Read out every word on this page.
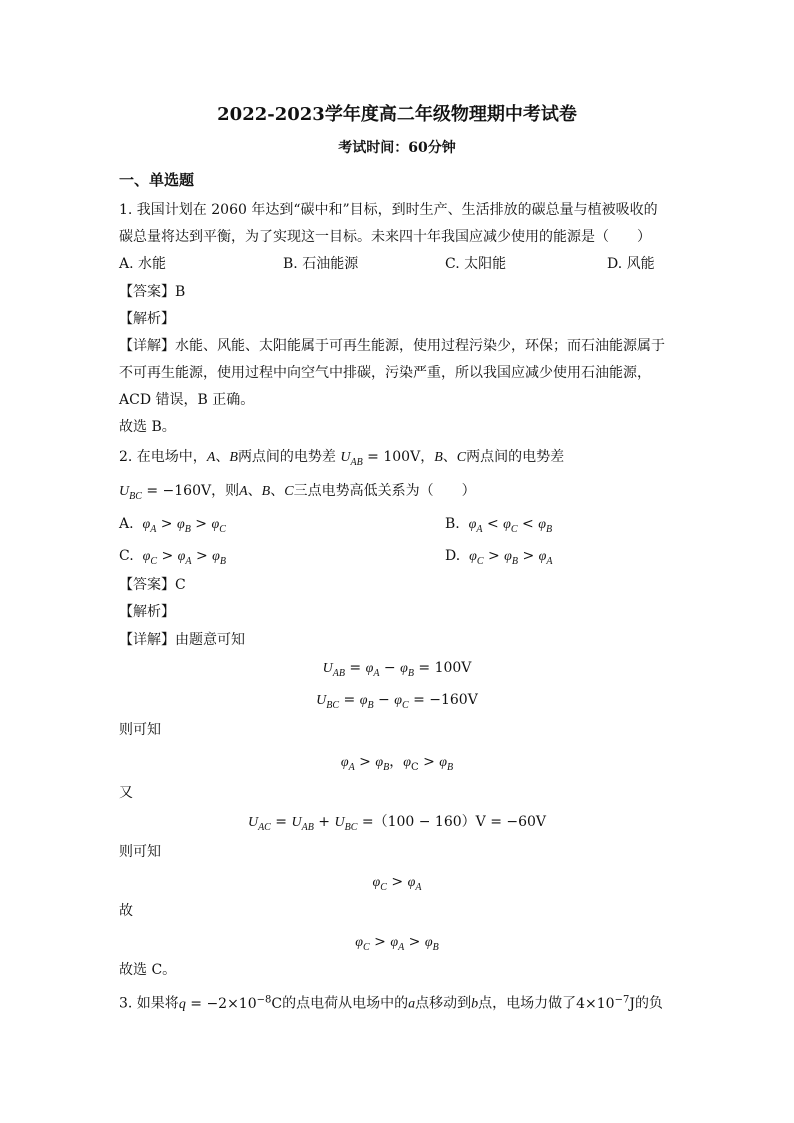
2022-2023学年度高二年级物理期中考试卷
考试时间：60分钟
一、单选题
1. 我国计划在 2060 年达到“碳中和”目标，到时生产、生活排放的碳总量与植被吸收的
碳总量将达到平衡，为了实现这一目标。未来四十年我国应减少使用的能源是（　　）
A. 水能	B. 石油能源	C. 太阳能	D. 风能
【答案】B
【解析】
【详解】水能、风能、太阳能属于可再生能源，使用过程污染少，环保；而石油能源属于
不可再生能源，使用过程中向空气中排碳，污染严重，所以我国应减少使用石油能源，
ACD 错误，B 正确。
故选 B。
2. 在电场中，A、B两点间的电势差 $U_{AB} = 100V$，B、C两点间的电势差
$U_{BC} = -160V$，则A、B、C三点电势高低关系为（　　）
A.  $\varphi_A > \varphi_B > \varphi_C$	B.  $\varphi_A < \varphi_C < \varphi_B$
C.  $\varphi_C > \varphi_A > \varphi_B$	D.  $\varphi_C > \varphi_B > \varphi_A$
【答案】C
【解析】
【详解】由题意可知
$U_{AB} = \varphi_A - \varphi_B = 100V$
$U_{BC} = \varphi_B - \varphi_C = -160V$
则可知
$\varphi_A > \varphi_B$，$\varphi_C > \varphi_B$
又
$U_{AC} = U_{AB} + U_{BC} =(100 - 160)V = -60V$
则可知
$\varphi_C > \varphi_A$
故
$\varphi_C > \varphi_A > \varphi_B$
故选 C。
3. 如果将$q = -2\times 10^{-8}C$的点电荷从电场中的a点移动到b点，电场力做了$4\times 10^{-7}J$的负
